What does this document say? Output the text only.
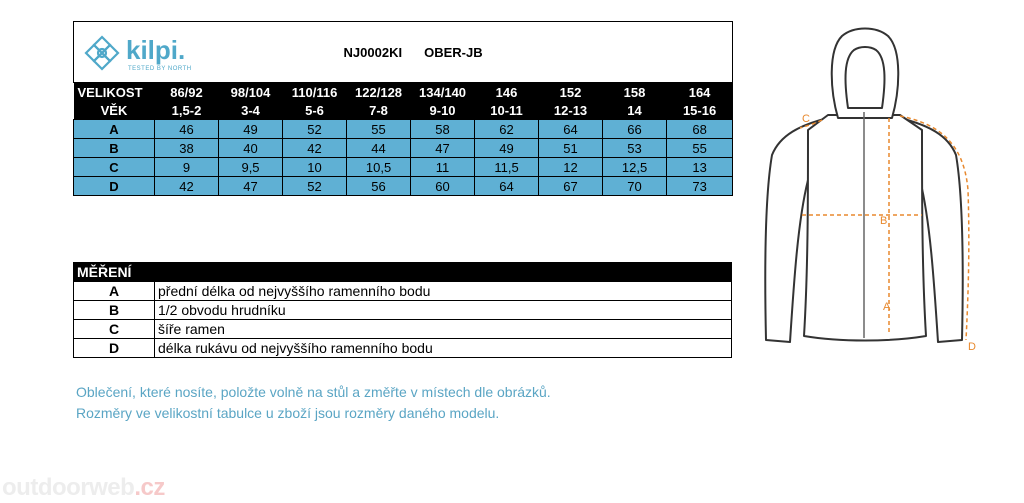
kilpi.
TESTED BY NORTH			NJ0002KI OBER-JB						
VELIKOST	86/92	98/104	110/116	122/128	134/140	146	152	158	164
VĚK	1,5-2	3-4	5-6	7-8	9-10	10-11	12-13	14	15-16
A	46	49	52	55	58	62	64	66	68
B	38	40	42	44	47	49	51	53	55
C	9	9,5	10	10,5	11	11,5	12	12,5	13
D	42	47	52	56	60	64	67	70	73
MĚŘENÍ	
A	přední délka od nejvyššího ramenního bodu
B	1/2 obvodu hrudníku
C	šíře ramen
D	délka rukávu od nejvyššího ramenního bodu
Oblečení, které nosíte, položte volně na stůl a změřte v místech dle obrázků.
Rozměry ve velikostní tabulce u zboží jsou rozměry daného modelu.
C
B
A
D
outdoorweb.cz
